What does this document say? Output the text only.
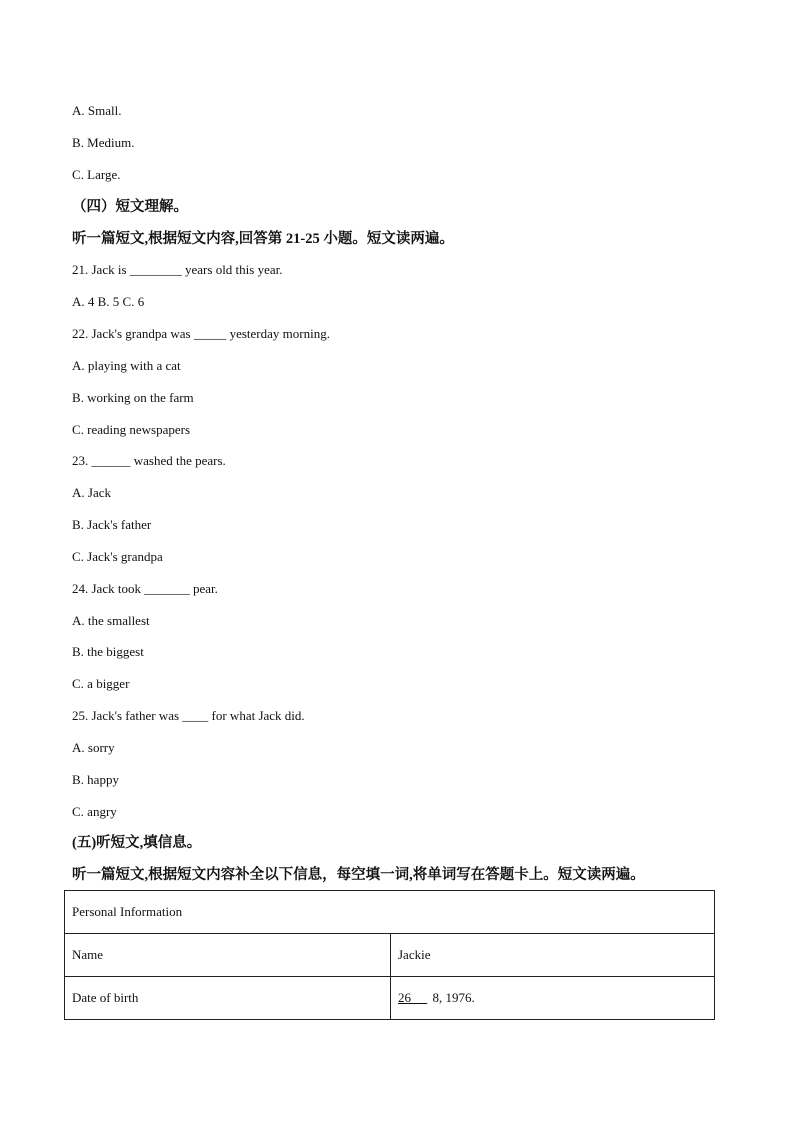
A. Small.
B. Medium.
C. Large.
（四）短文理解。
听一篇短文,根据短文内容,回答第 21-25 小题。短文读两遍。
21. Jack is ________ years old this year.
A. 4 B. 5 C. 6
22. Jack's grandpa was _____ yesterday morning.
A. playing with a cat
B. working on the farm
C. reading newspapers
23. ______ washed the pears.
A. Jack
B. Jack's father
C. Jack's grandpa
24. Jack took _______ pear.
A. the smallest
B. the biggest
C. a bigger
25. Jack's father was ____ for what Jack did.
A. sorry
B. happy
C. angry
(五)听短文,填信息。
听一篇短文,根据短文内容补全以下信息，每空填一词,将单词写在答题卡上。短文读两遍。
Personal Information	
Name	Jackie
Date of birth	26 8, 1976.
